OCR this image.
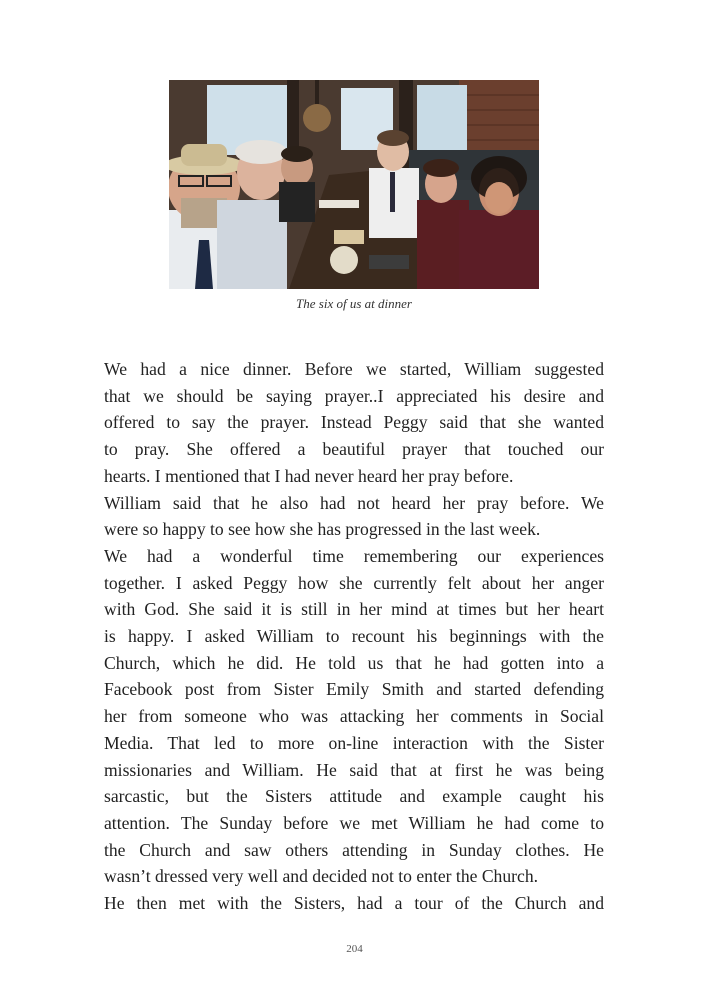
The six of us at dinner
We had a nice dinner. Before we started, William suggested
that we should be saying prayer..I appreciated his desire and
offered to say the prayer. Instead Peggy said that she wanted
to pray. She offered a beautiful prayer that touched our
hearts. I mentioned that I had never heard her pray before.
William said that he also had not heard her pray before. We
were so happy to see how she has progressed in the last week.
We had a wonderful time remembering our experiences
together. I asked Peggy how she currently felt about her anger
with God. She said it is still in her mind at times but her heart
is happy. I asked William to recount his beginnings with the
Church, which he did. He told us that he had gotten into a
Facebook post from Sister Emily Smith and started defending
her from someone who was attacking her comments in Social
Media. That led to more on-line interaction with the Sister
missionaries and William. He said that at first he was being
sarcastic, but the Sisters attitude and example caught his
attention. The Sunday before we met William he had come to
the Church and saw others attending in Sunday clothes. He
wasn’t dressed very well and decided not to enter the Church.
He then met with the Sisters, had a tour of the Church and
204
